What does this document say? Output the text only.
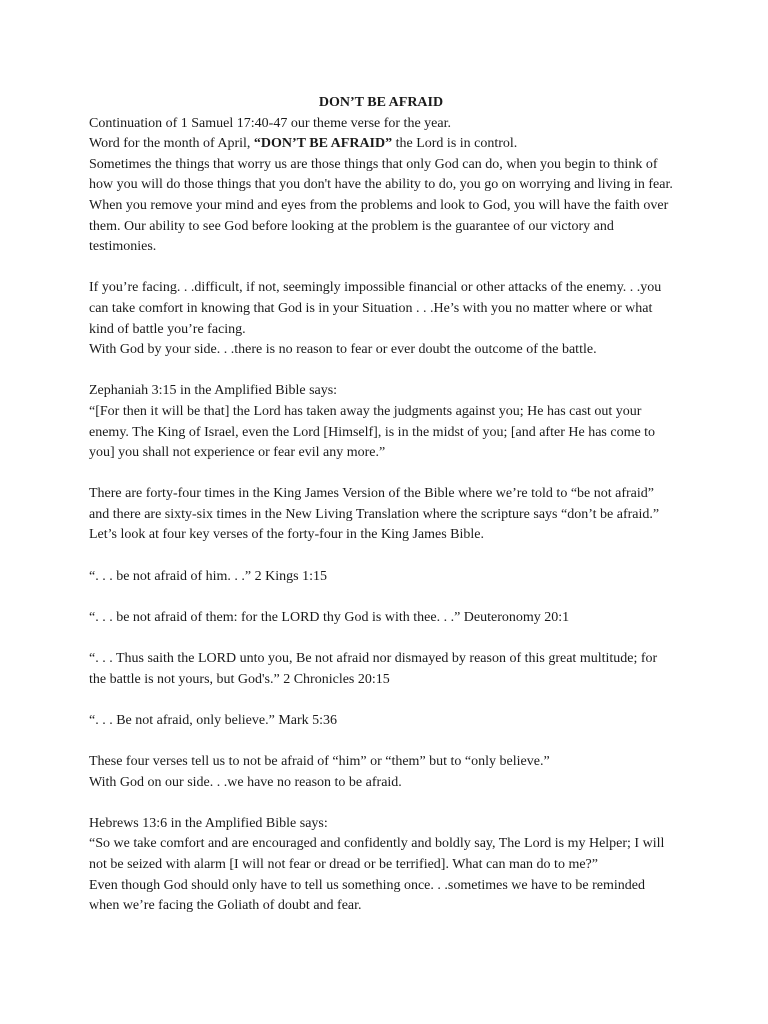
DON’T BE AFRAID

Continuation of 1 Samuel 17:40-47 our theme verse for the year.

Word for the month of April, “DON’T BE AFRAID” the Lord is in control.

Sometimes the things that worry us are those things that only God can do, when you begin to think of how you will do those things that you don't have the ability to do, you go on worrying and living in fear. When you remove your mind and eyes from the problems and look to God, you will have the faith over them. Our ability to see God before looking at the problem is the guarantee of our victory and testimonies.

If you’re facing. . .difficult, if not, seemingly impossible financial or other attacks of the enemy. . .you can take comfort in knowing that God is in your Situation . . .He’s with you no matter where or what kind of battle you’re facing.

With God by your side. . .there is no reason to fear or ever doubt the outcome of the battle.

Zephaniah 3:15 in the Amplified Bible says:

“[For then it will be that] the Lord has taken away the judgments against you; He has cast out your enemy. The King of Israel, even the Lord [Himself], is in the midst of you; [and after He has come to you] you shall not experience or fear evil any more.”

There are forty-four times in the King James Version of the Bible where we’re told to “be not afraid” and there are sixty-six times in the New Living Translation where the scripture says “don’t be afraid.”

Let’s look at four key verses of the forty-four in the King James Bible.

“. . . be not afraid of him. . .” 2 Kings 1:15

“. . . be not afraid of them: for the LORD thy God is with thee. . .” Deuteronomy 20:1

“. . . Thus saith the LORD unto you, Be not afraid nor dismayed by reason of this great multitude; for the battle is not yours, but God's.” 2 Chronicles 20:15

“. . . Be not afraid, only believe.” Mark 5:36

These four verses tell us to not be afraid of “him” or “them” but to “only believe.”

With God on our side. . .we have no reason to be afraid.

Hebrews 13:6 in the Amplified Bible says:

“So we take comfort and are encouraged and confidently and boldly say, The Lord is my Helper; I will not be seized with alarm [I will not fear or dread or be terrified]. What can man do to me?”

Even though God should only have to tell us something once. . .sometimes we have to be reminded when we’re facing the Goliath of doubt and fear.
